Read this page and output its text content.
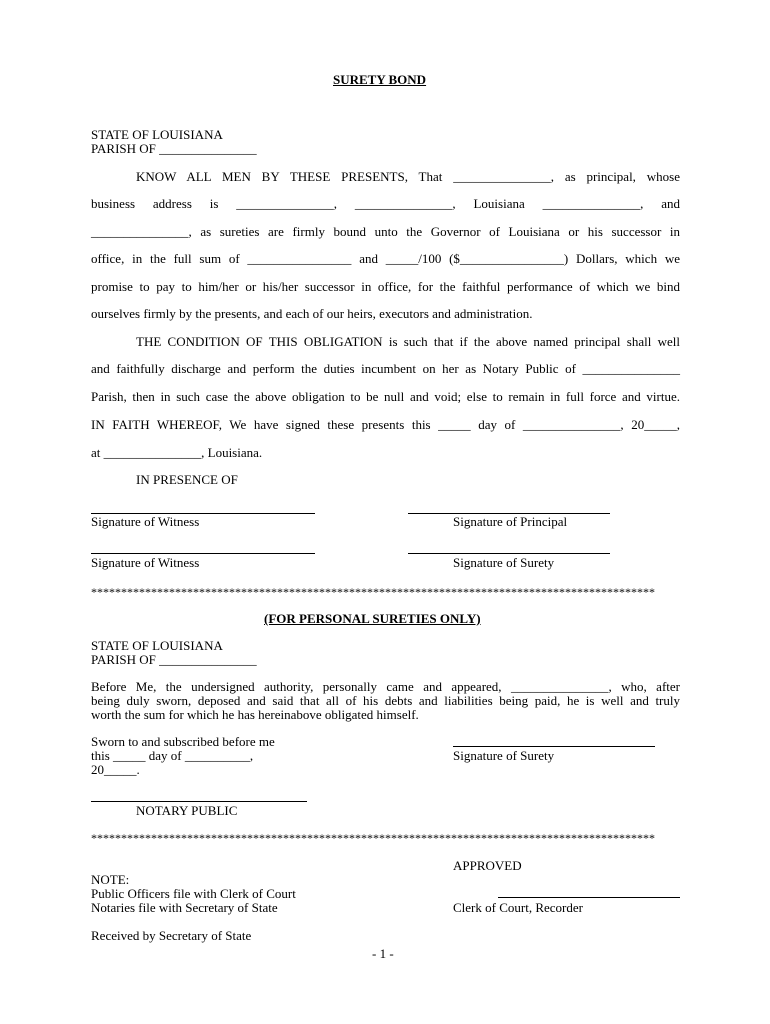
SURETY BOND
STATE OF LOUISIANA
PARISH OF _______________
KNOW ALL MEN BY THESE PRESENTS, That _______________, as principal, whose
business address is _______________, _______________, Louisiana _______________, and
_______________, as sureties are firmly bound unto the Governor of Louisiana or his successor in
office, in the full sum of ________________ and _____/100 ($________________) Dollars, which we
promise to pay to him/her or his/her successor in office, for the faithful performance of which we bind
ourselves firmly by the presents, and each of our heirs, executors and administration.
THE CONDITION OF THIS OBLIGATION is such that if the above named principal shall well
and faithfully discharge and perform the duties incumbent on her as Notary Public of _______________
Parish, then in such case the above obligation to be null and void; else to remain in full force and virtue.
IN FAITH WHEREOF, We have signed these presents this _____ day of _______________, 20_____,
at _______________, Louisiana.
IN PRESENCE OF
Signature of Witness	Signature of Principal
Signature of Witness	Signature of Surety
**********************************************************************************************
(FOR PERSONAL SURETIES ONLY)
STATE OF LOUISIANA
PARISH OF _______________
Before Me, the undersigned authority, personally came and appeared, _______________, who, after
being duly sworn, deposed and said that all of his debts and liabilities being paid, he is well and truly
worth the sum for which he has hereinabove obligated himself.
Sworn to and subscribed before me
this _____ day of __________,
20_____.
Signature of Surety
NOTARY PUBLIC
**********************************************************************************************
APPROVED
NOTE:
Public Officers file with Clerk of Court
Notaries file with Secretary of State	Clerk of Court, Recorder
Received by Secretary of State
- 1 -
